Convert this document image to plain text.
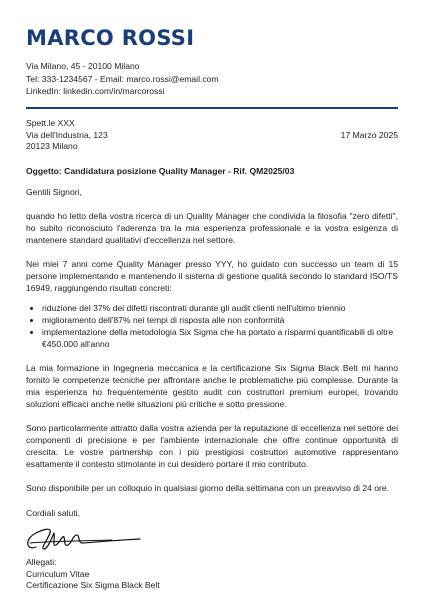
MARCO ROSSI
Via Milano, 45 - 20100 Milano
Tel: 333-1234567 - Email: marco.rossi@email.com
LinkedIn: linkedin.com/in/marcorossi
Spett.le XXX
Via dell'Industria, 123
20123 Milano
17 Marzo 2025
Oggetto: Candidatura posizione Quality Manager - Rif. QM2025/03

Gentili Signori,

quando ho letto della vostra ricerca di un Quality Manager che condivida la filosofia "zero difetti", ho subito riconosciuto l'aderenza tra la mia esperienza professionale e la vostra esigenza di mantenere standard qualitativi d'eccellenza nel settore.

Nei miei 7 anni come Quality Manager presso YYY, ho guidato con successo un team di 15 persone implementando e mantenendo il sistema di gestione qualità secondo lo standard ISO/TS 16949, raggiungendo risultati concreti:

• riduzione del 37% dei difetti riscontrati durante gli audit clienti nell'ultimo triennio
• miglioramento dell'87% nei tempi di risposta alle non conformità
• implementazione della metodologia Six Sigma che ha portato a risparmi quantificabili di oltre €450.000 all'anno

La mia formazione in Ingegneria meccanica e la certificazione Six Sigma Black Belt mi hanno fornito le competenze tecniche per affrontare anche le problematiche più complesse. Durante la mia esperienza ho frequentemente gestito audit con costruttori premium europei, trovando soluzioni efficaci anche nelle situazioni più critiche e sotto pressione.

Sono particolarmente attratto dalla vostra azienda per la reputazione di eccellenza nel settore dei componenti di precisione e per l'ambiente internazionale che offre continue opportunità di crescita. Le vostre partnership con i più prestigiosi costruttori automotive rappresentano esattamente il contesto stimolante in cui desidero portare il mio contributo.

Sono disponibile per un colloquio in qualsiasi giorno della settimana con un preavviso di 24 ore.

Cordiali saluti,
Allegati:
Curriculum Vitae
Certificazione Six Sigma Black Belt
